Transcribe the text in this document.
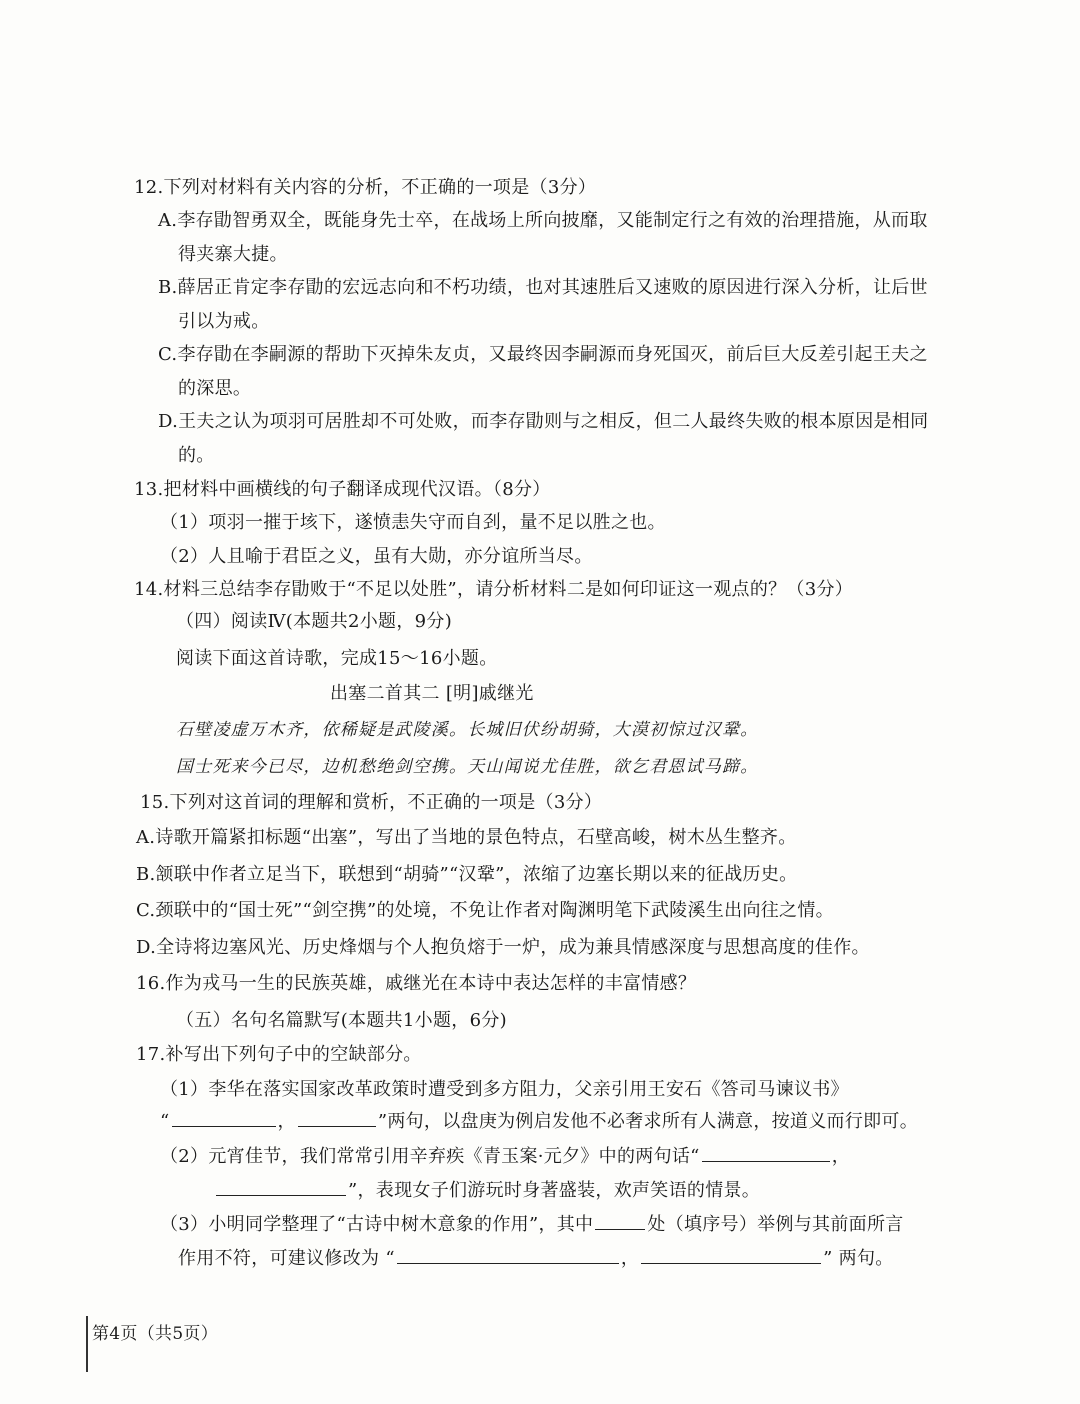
12.下列对材料有关内容的分析，不正确的一项是（3分）
A.李存勖智勇双全，既能身先士卒，在战场上所向披靡，又能制定行之有效的治理措施，从而取
得夹寨大捷。
B.薛居正肯定李存勖的宏远志向和不朽功绩，也对其速胜后又速败的原因进行深入分析，让后世
引以为戒。
C.李存勖在李嗣源的帮助下灭掉朱友贞，又最终因李嗣源而身死国灭，前后巨大反差引起王夫之
的深思。
D.王夫之认为项羽可居胜却不可处败，而李存勖则与之相反，但二人最终失败的根本原因是相同
的。
13.把材料中画横线的句子翻译成现代汉语。（8分）
（1）项羽一摧于垓下，遂愤恚失守而自刭，量不足以胜之也。
（2）人且喻于君臣之义，虽有大勋，亦分谊所当尽。
14.材料三总结李存勖败于“不足以处胜”，请分析材料二是如何印证这一观点的？（3分）
（四）阅读Ⅳ(本题共2小题，9分)
阅读下面这首诗歌，完成15～16小题。
出塞二首其二 [明]戚继光
石壁凌虚万木齐，依稀疑是武陵溪。长城旧伏纷胡骑，大漠初惊过汉鞏。
国士死来今已尽，边机愁绝剑空携。天山闻说尤佳胜，欲乞君恩试马蹄。
15.下列对这首词的理解和赏析，不正确的一项是（3分）
A.诗歌开篇紧扣标题“出塞”，写出了当地的景色特点，石壁高峻，树木丛生整齐。
B.颔联中作者立足当下，联想到“胡骑”“汉鞏”，浓缩了边塞长期以来的征战历史。
C.颈联中的“国士死”“剑空携”的处境，不免让作者对陶渊明笔下武陵溪生出向往之情。
D.全诗将边塞风光、历史烽烟与个人抱负熔于一炉，成为兼具情感深度与思想高度的佳作。
16.作为戎马一生的民族英雄，戚继光在本诗中表达怎样的丰富情感？
（五）名句名篇默写(本题共1小题，6分)
17.补写出下列句子中的空缺部分。
（1）李华在落实国家改革政策时遭受到多方阻力，父亲引用王安石《答司马谏议书》
“	，	”两句，以盘庚为例启发他不必奢求所有人满意，按道义而行即可。
（2）元宵佳节，我们常常引用辛弃疾《青玉案·元夕》中的两句话“	，
”，表现女子们游玩时身著盛装，欢声笑语的情景。
（3）小明同学整理了“古诗中树木意象的作用”，其中	处（填序号）举例与其前面所言
作用不符，可建议修改为 “	，	” 两句。
第4页（共5页）
